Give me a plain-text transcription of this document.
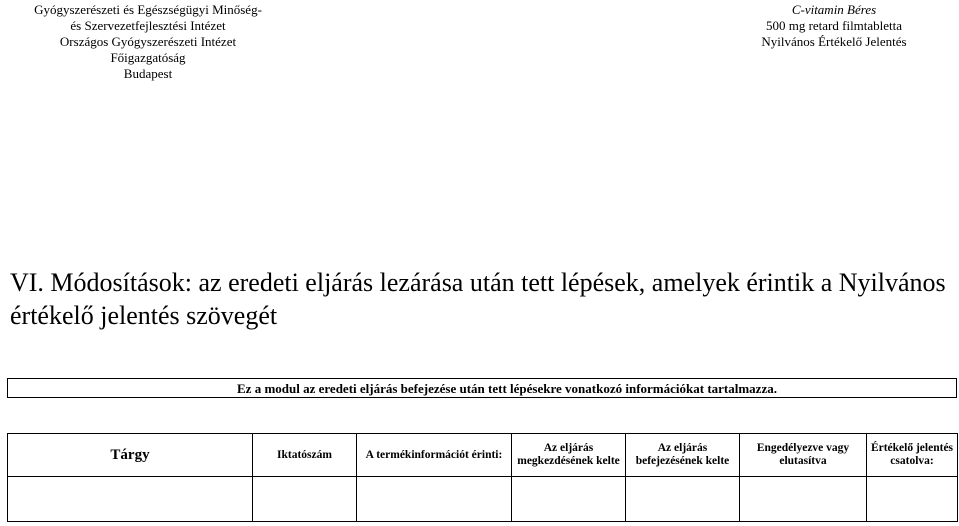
Gyógyszerészeti és Egészségügyi Minőség-
és Szervezetfejlesztési Intézet
Országos Gyógyszerészeti Intézet
Főigazgatóság
Budapest
C-vitamin Béres
500 mg retard filmtabletta
Nyilvános Értékelő Jelentés
VI. Módosítások: az eredeti eljárás lezárása után tett lépések, amelyek érintik a Nyilvános értékelő jelentés szövegét
Ez a modul az eredeti eljárás befejezése után tett lépésekre vonatkozó információkat tartalmazza.
Tárgy	Iktatószám	A termékinformációt érinti:	Az eljárás megkezdésének kelte	Az eljárás befejezésének kelte	Engedélyezve vagy elutasítva	Értékelő jelentés csatolva:
